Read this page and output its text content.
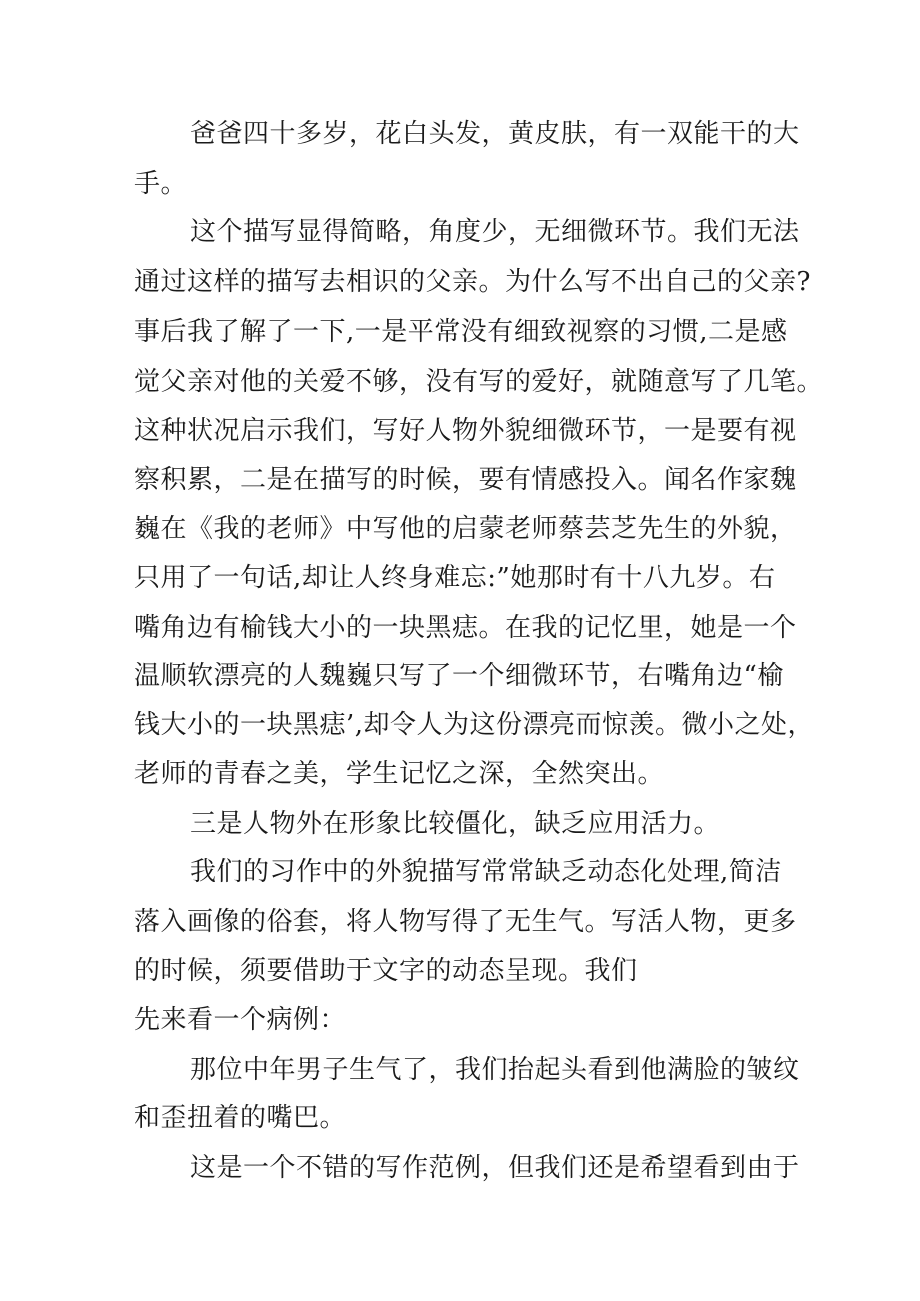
爸爸四十多岁，花白头发，黄皮肤，有一双能干的大
手。
这个描写显得简略，角度少，无细微环节。我们无法
通过这样的描写去相识的父亲。为什么写不出自己的父亲?
事后我了解了一下,一是平常没有细致视察的习惯,二是感
觉父亲对他的关爱不够，没有写的爱好，就随意写了几笔。
这种状况启示我们，写好人物外貌细微环节，一是要有视
察积累，二是在描写的时候，要有情感投入。闻名作家魏
巍在《我的老师》中写他的启蒙老师蔡芸芝先生的外貌，
只用了一句话,却让人终身难忘:”她那时有十八九岁。右
嘴角边有榆钱大小的一块黑痣。在我的记忆里，她是一个
温顺软漂亮的人魏巍只写了一个细微环节，右嘴角边“榆
钱大小的一块黑痣’,却令人为这份漂亮而惊羡。微小之处，
老师的青春之美，学生记忆之深，全然突出。
三是人物外在形象比较僵化，缺乏应用活力。
我们的习作中的外貌描写常常缺乏动态化处理,简洁
落入画像的俗套，将人物写得了无生气。写活人物，更多
的时候，须要借助于文字的动态呈现。我们
先来看一个病例：
那位中年男子生气了，我们抬起头看到他满脸的皱纹
和歪扭着的嘴巴。
这是一个不错的写作范例，但我们还是希望看到由于
